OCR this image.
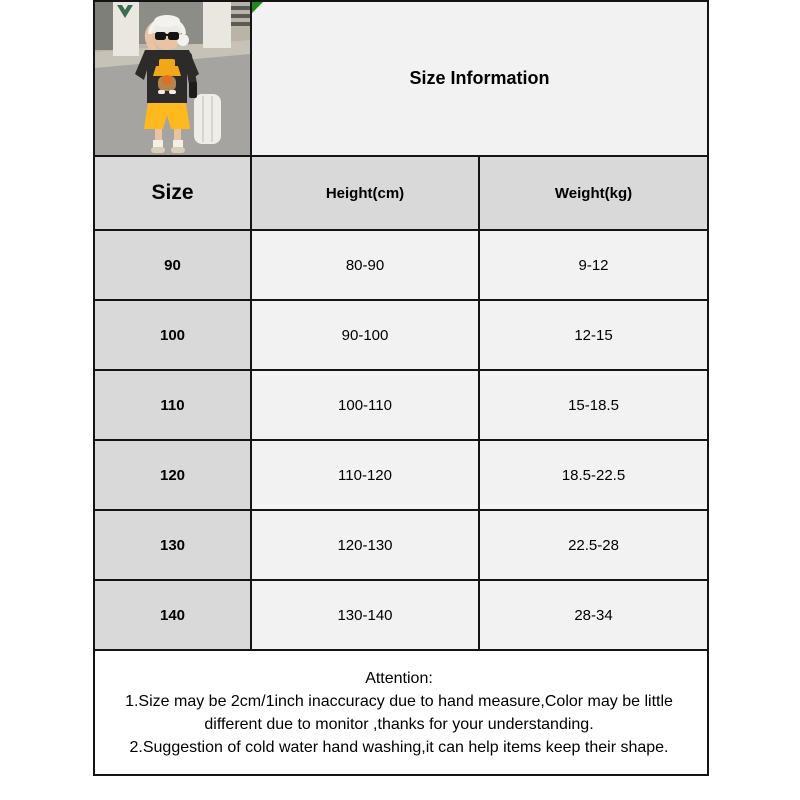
Size Information	
Size	Height(cm)	Weight(kg)
90	80-90	9-12
100	90-100	12-15
110	100-110	15-18.5
120	110-120	18.5-22.5
130	120-130	22.5-28
140	130-140	28-34

Attention:

1.Size may be 2cm/1inch inaccuracy due to hand measure,Color may be little different due to monitor ,thanks for your understanding.

2.Suggestion of cold water hand washing,it can help items keep their shape.		
